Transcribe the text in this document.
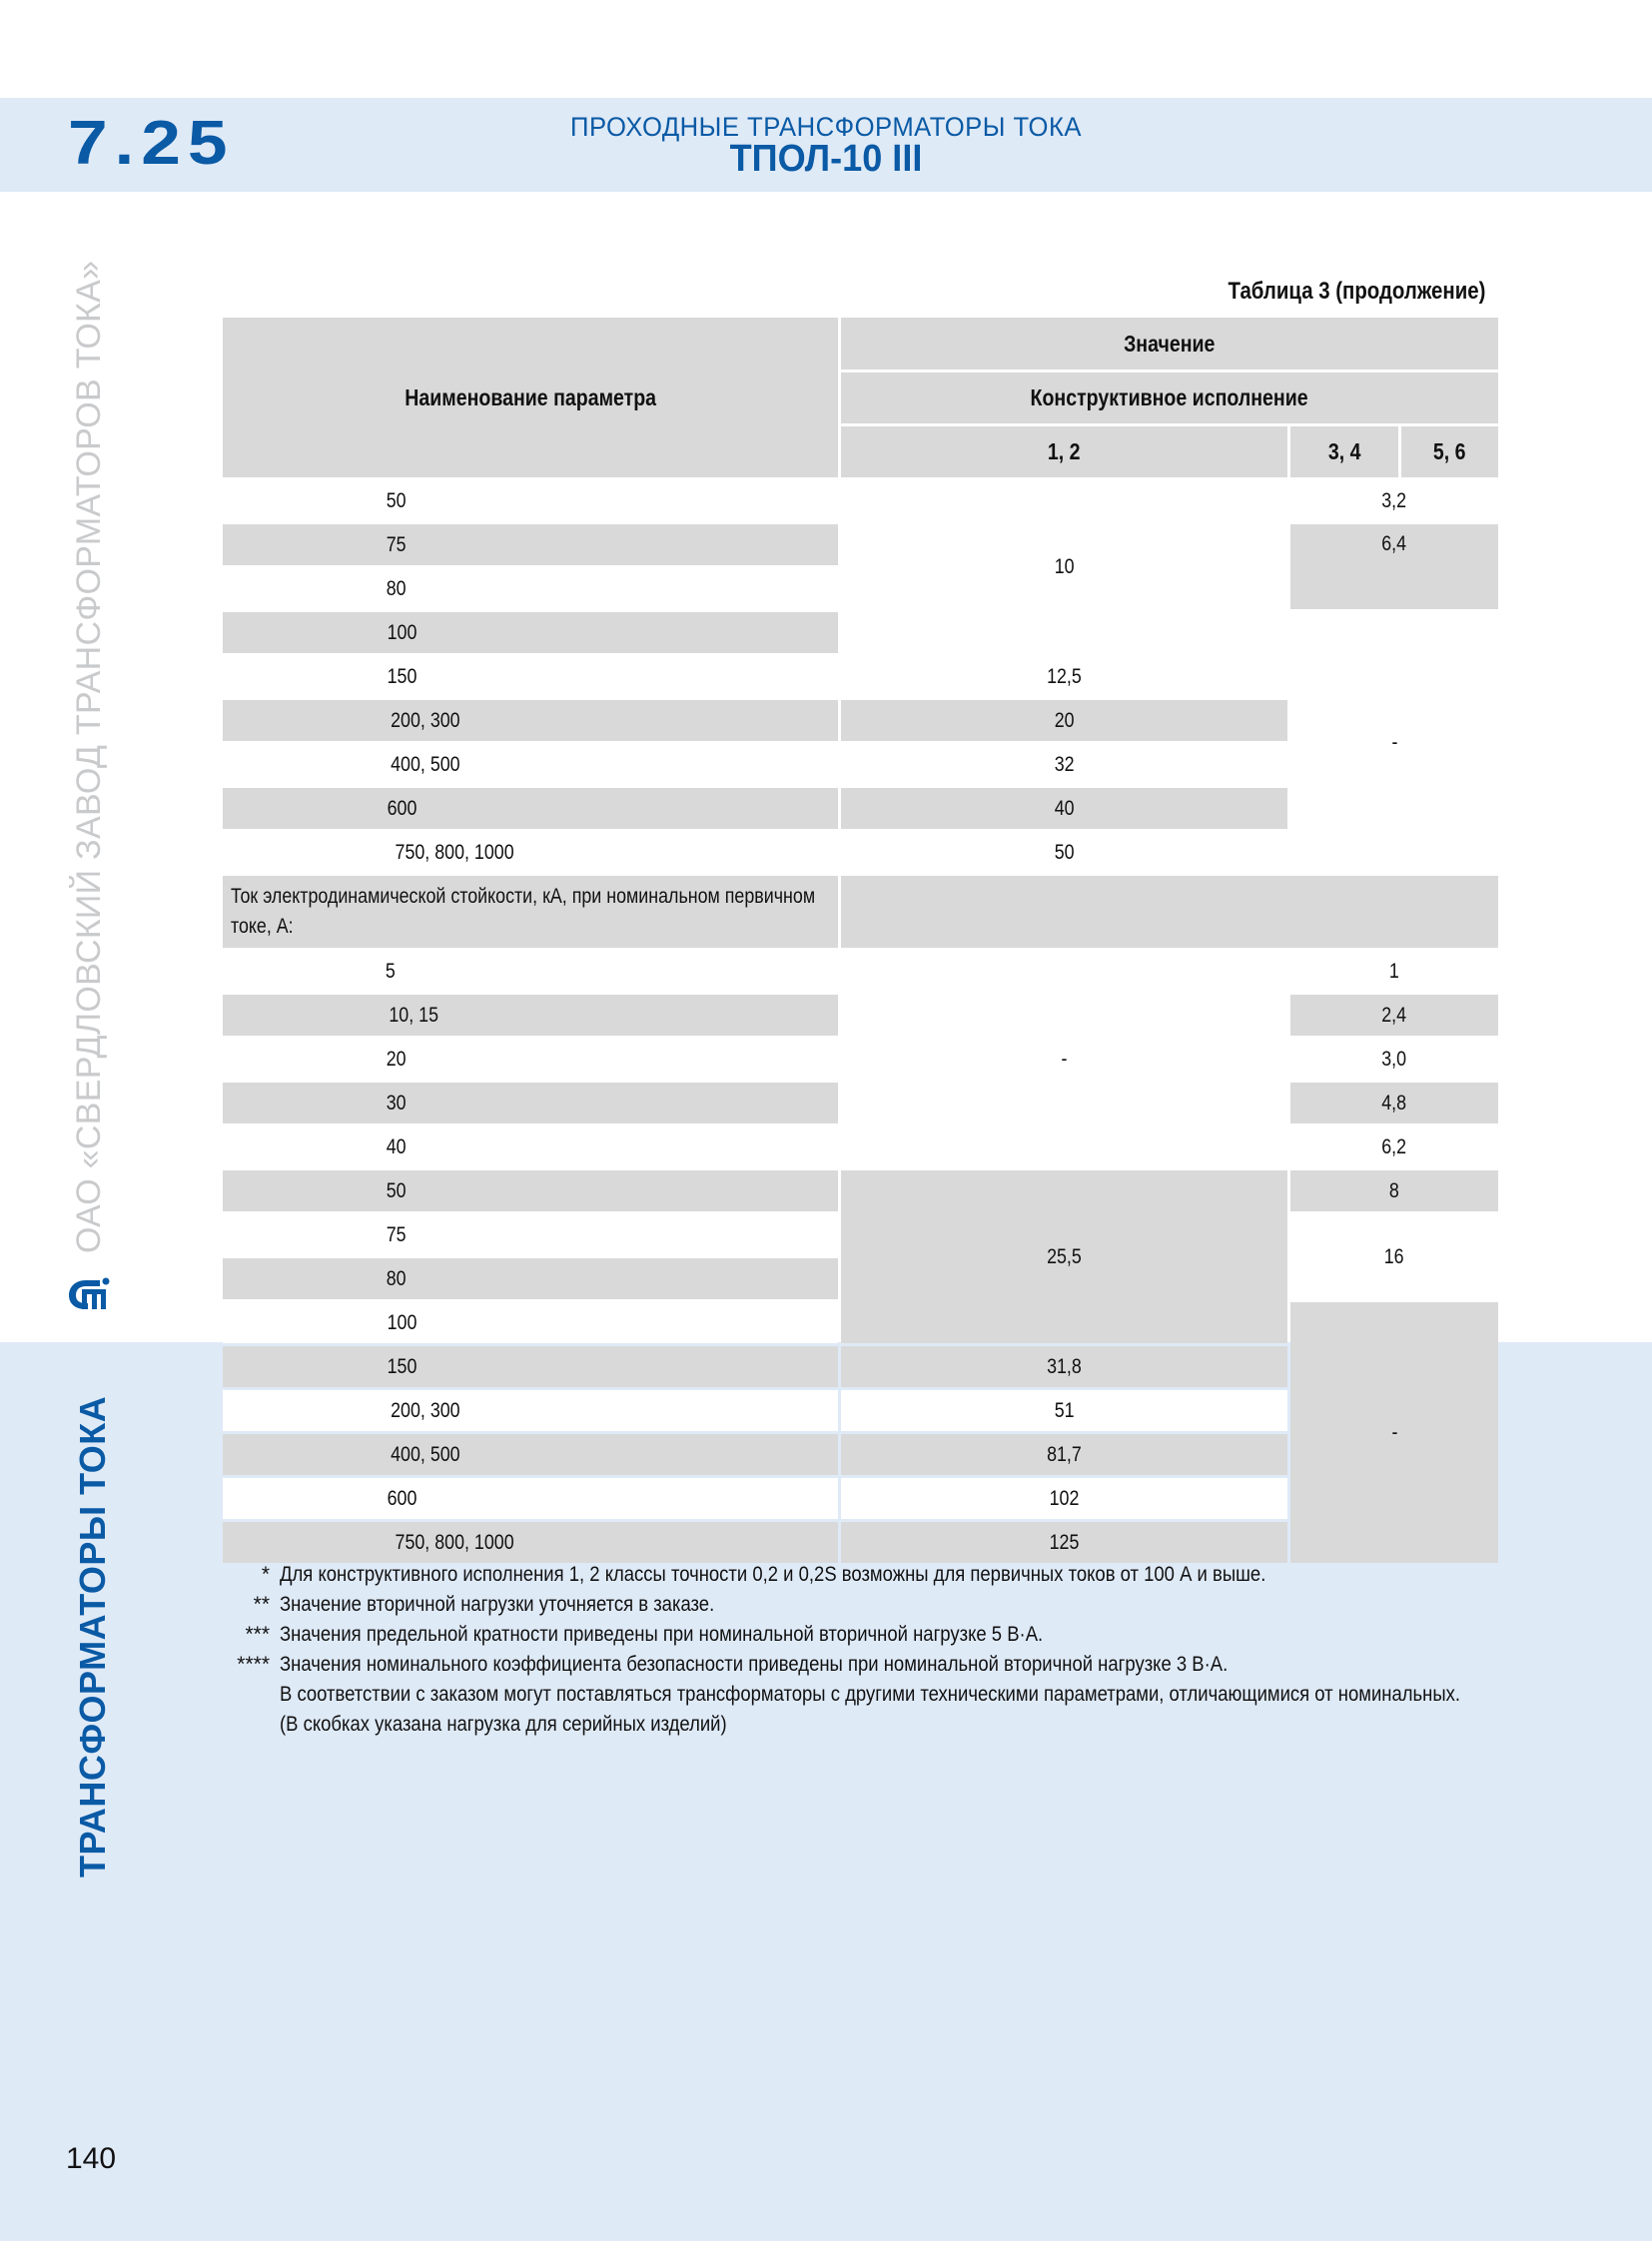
7.25	ПРОХОДНЫЕ ТРАНСФОРМАТОРЫ ТОКА
ТПОЛ-10 III
ОАО «СВЕРДЛОВСКИЙ ЗАВОД ТРАНСФОРМАТОРОВ ТОКА»
ТРАНСФОРМАТОРЫ ТОКА
Таблица 3 (продолжение)
Наименование параметра	Значение		
	Конструктивное исполнение		
	1, 2	3, 4	5, 6
50	10	3,2	
75		6,4	
80			
100		-	
150	12,5		
200, 300	20		
400, 500	32		
600	40		
750, 800, 1000	50		

Ток электродинамической стойкости, кА, при номинальном первичном токе, А:			

5	-	1	
10, 15		2,4	
20		3,0	
30		4,8	
40		6,2	
50	25,5	8	
75		16	
80			
100		-	
150	31,8		
200, 300	51		
400, 500	81,7		
600	102		
750, 800, 1000	125		
* Для конструктивного исполнения 1, 2 классы точности 0,2 и 0,2S возможны для первичных токов от 100 А и выше.
** Значение вторичной нагрузки уточняется в заказе.
*** Значения предельной кратности приведены при номинальной вторичной нагрузке 5 В·А.
**** Значения номинального коэффициента безопасности приведены при номинальной вторичной нагрузке 3 В·А.
В соответствии с заказом могут поставляться трансформаторы с другими техническими параметрами, отличающимися от номинальных.
(В скобках указана нагрузка для серийных изделий)
140
